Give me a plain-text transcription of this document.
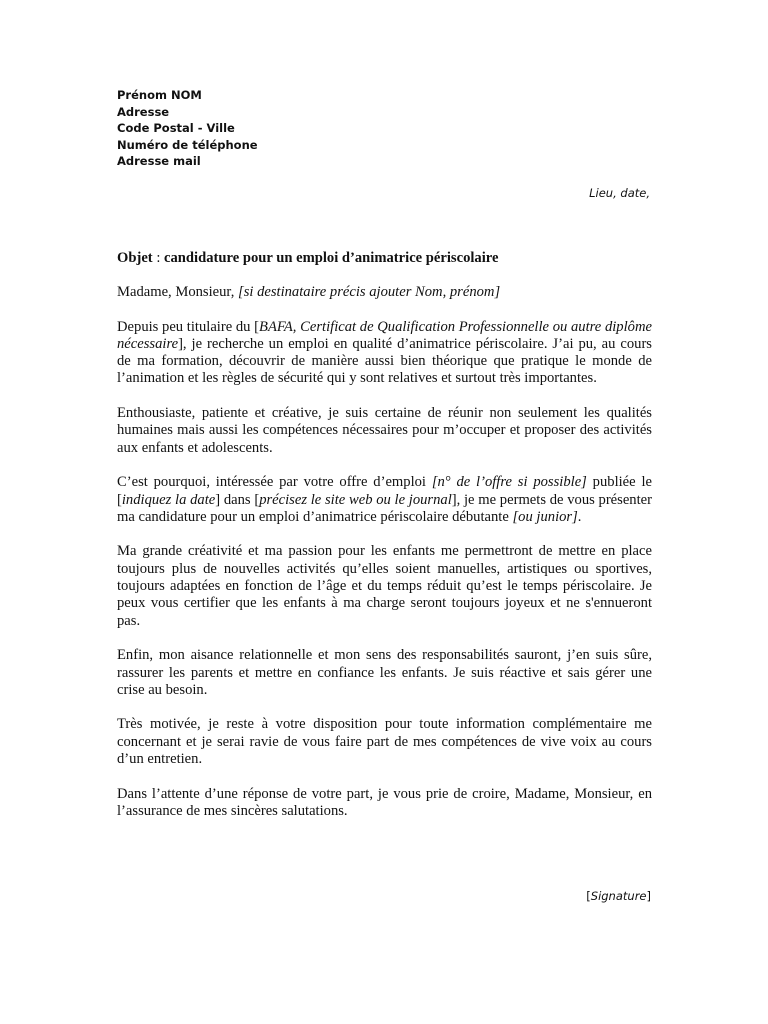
Prénom NOM
Adresse
Code Postal - Ville
Numéro de téléphone
Adresse mail
Lieu, date,
Objet : candidature pour un emploi d’animatrice périscolaire
Madame, Monsieur, [si destinataire précis ajouter Nom, prénom]

Depuis peu titulaire du [BAFA, Certificat de Qualification Professionnelle ou autre diplôme nécessaire], je recherche un emploi en qualité d’animatrice périscolaire. J’ai pu, au cours de ma formation, découvrir de manière aussi bien théorique que pratique le monde de l’animation et les règles de sécurité qui y sont relatives et surtout très importantes.

Enthousiaste, patiente et créative, je suis certaine de réunir non seulement les qualités humaines mais aussi les compétences nécessaires pour m’occuper et proposer des activités aux enfants et adolescents.

C’est pourquoi, intéressée par votre offre d’emploi [n° de l’offre si possible] publiée le [indiquez la date] dans [précisez le site web ou le journal], je me permets de vous présenter ma candidature pour un emploi d’animatrice périscolaire débutante [ou junior].

Ma grande créativité et ma passion pour les enfants me permettront de mettre en place toujours plus de nouvelles activités qu’elles soient manuelles, artistiques ou sportives, toujours adaptées en fonction de l’âge et du temps réduit qu’est le temps périscolaire. Je peux vous certifier que les enfants à ma charge seront toujours joyeux et ne s'ennueront pas.

Enfin, mon aisance relationnelle et mon sens des responsabilités sauront, j’en suis sûre, rassurer les parents et mettre en confiance les enfants. Je suis réactive et sais gérer une crise au besoin.

Très motivée, je reste à votre disposition pour toute information complémentaire me concernant et je serai ravie de vous faire part de mes compétences de vive voix au cours d’un entretien.

Dans l’attente d’une réponse de votre part, je vous prie de croire, Madame, Monsieur, en l’assurance de mes sincères salutations.

[Signature]
